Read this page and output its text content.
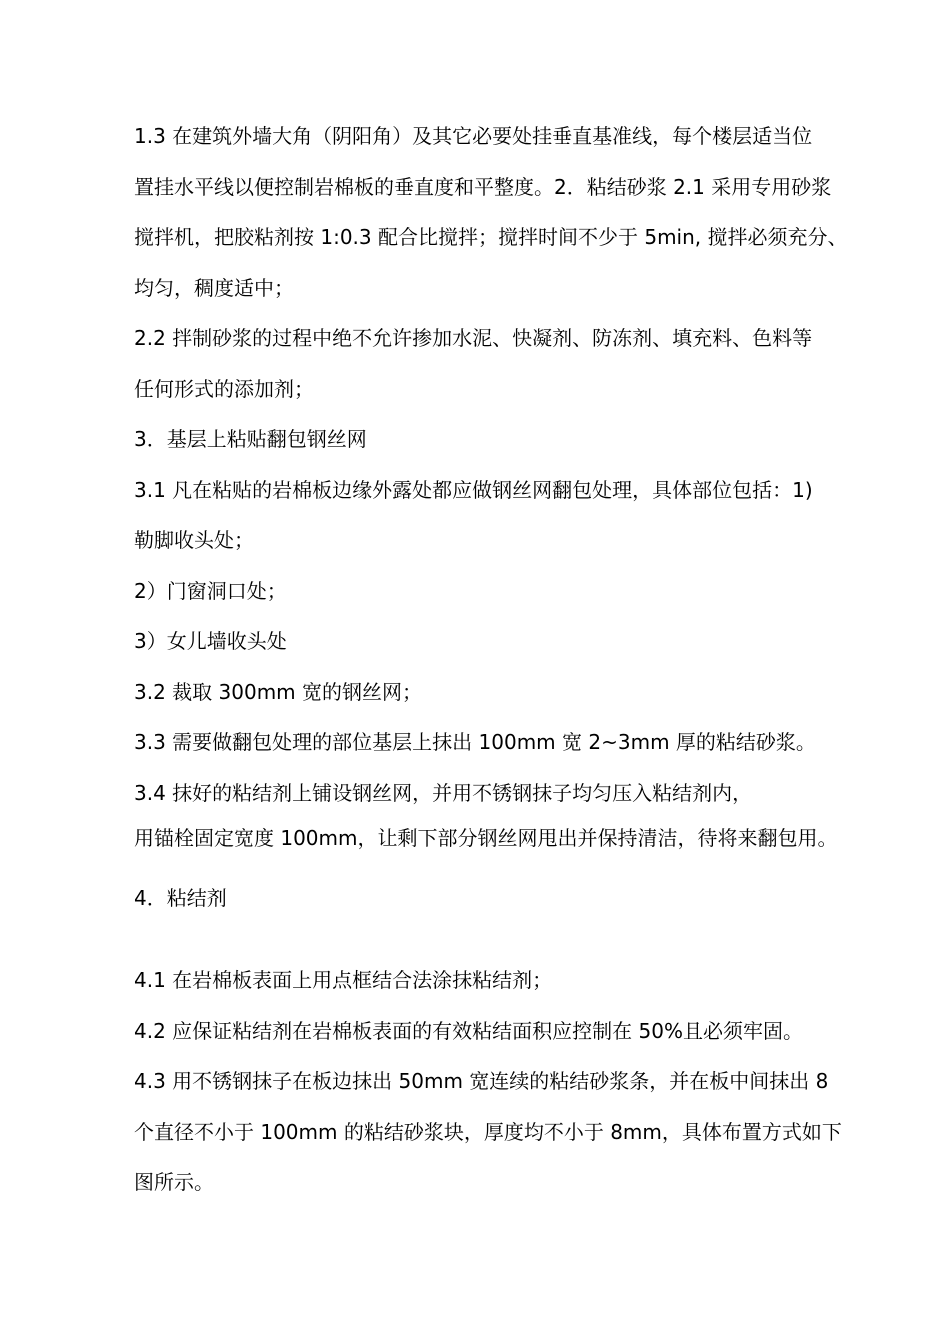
1.3 在建筑外墙大角（阴阳角）及其它必要处挂垂直基准线，每个楼层适当位
置挂水平线以便控制岩棉板的垂直度和平整度。2．粘结砂浆 2.1 采用专用砂浆
搅拌机，把胶粘剂按 1:0.3 配合比搅拌；搅拌时间不少于 5min, 搅拌必须充分、
均匀，稠度适中；
2.2 拌制砂浆的过程中绝不允许掺加水泥、快凝剂、防冻剂、填充料、色料等
任何形式的添加剂；
3．基层上粘贴翻包钢丝网
3.1 凡在粘贴的岩棉板边缘外露处都应做钢丝网翻包处理，具体部位包括：1)
勒脚收头处；
2）门窗洞口处；
3）女儿墙收头处
3.2 裁取 300mm 宽的钢丝网；
3.3 需要做翻包处理的部位基层上抹出 100mm 宽 2~3mm 厚的粘结砂浆。
3.4 抹好的粘结剂上铺设钢丝网，并用不锈钢抹子均匀压入粘结剂内，
用锚栓固定宽度 100mm，让剩下部分钢丝网甩出并保持清洁，待将来翻包用。
4．粘结剂
4.1 在岩棉板表面上用点框结合法涂抹粘结剂；
4.2 应保证粘结剂在岩棉板表面的有效粘结面积应控制在 50%且必须牢固。
4.3 用不锈钢抹子在板边抹出 50mm 宽连续的粘结砂浆条，并在板中间抹出 8
个直径不小于 100mm 的粘结砂浆块，厚度均不小于 8mm，具体布置方式如下
图所示。
